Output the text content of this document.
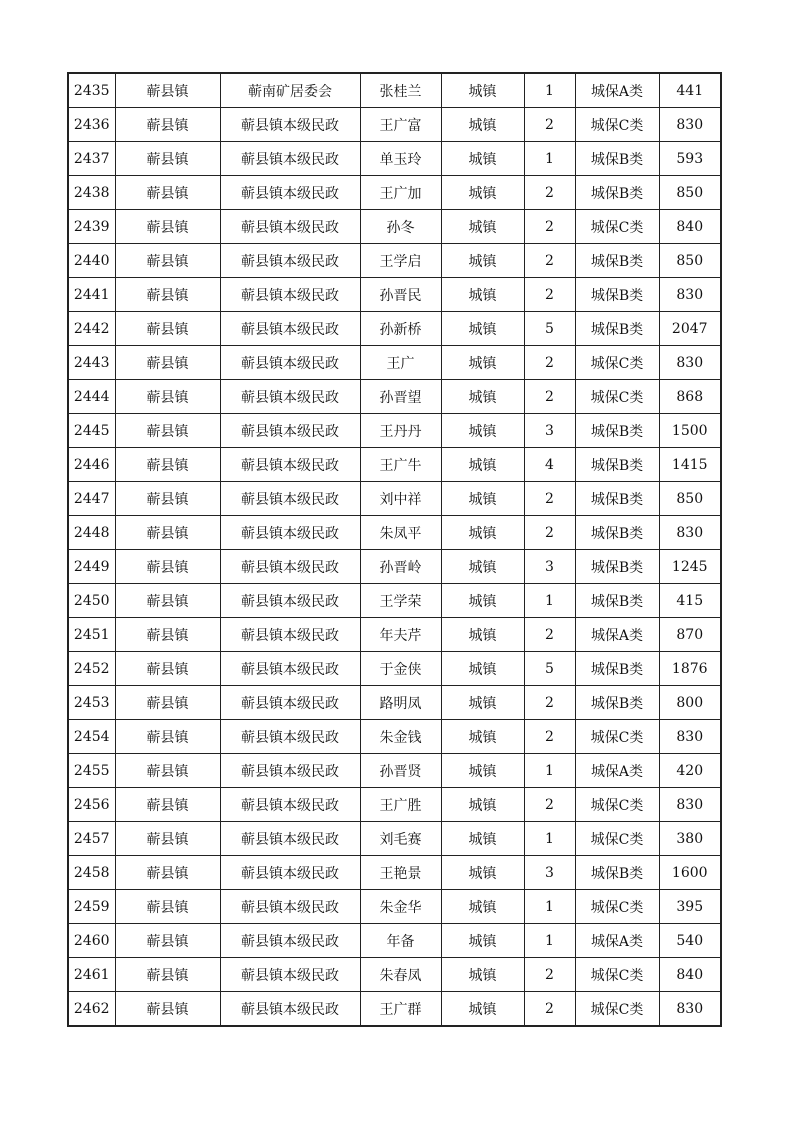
2435	蕲县镇	蕲南矿居委会	张桂兰	城镇	1	城保A类	441
2436	蕲县镇	蕲县镇本级民政	王广富	城镇	2	城保C类	830
2437	蕲县镇	蕲县镇本级民政	单玉玲	城镇	1	城保B类	593
2438	蕲县镇	蕲县镇本级民政	王广加	城镇	2	城保B类	850
2439	蕲县镇	蕲县镇本级民政	孙冬	城镇	2	城保C类	840
2440	蕲县镇	蕲县镇本级民政	王学启	城镇	2	城保B类	850
2441	蕲县镇	蕲县镇本级民政	孙晋民	城镇	2	城保B类	830
2442	蕲县镇	蕲县镇本级民政	孙新桥	城镇	5	城保B类	2047
2443	蕲县镇	蕲县镇本级民政	王广	城镇	2	城保C类	830
2444	蕲县镇	蕲县镇本级民政	孙晋望	城镇	2	城保C类	868
2445	蕲县镇	蕲县镇本级民政	王丹丹	城镇	3	城保B类	1500
2446	蕲县镇	蕲县镇本级民政	王广牛	城镇	4	城保B类	1415
2447	蕲县镇	蕲县镇本级民政	刘中祥	城镇	2	城保B类	850
2448	蕲县镇	蕲县镇本级民政	朱凤平	城镇	2	城保B类	830
2449	蕲县镇	蕲县镇本级民政	孙晋岭	城镇	3	城保B类	1245
2450	蕲县镇	蕲县镇本级民政	王学荣	城镇	1	城保B类	415
2451	蕲县镇	蕲县镇本级民政	年夫芹	城镇	2	城保A类	870
2452	蕲县镇	蕲县镇本级民政	于金侠	城镇	5	城保B类	1876
2453	蕲县镇	蕲县镇本级民政	路明凤	城镇	2	城保B类	800
2454	蕲县镇	蕲县镇本级民政	朱金钱	城镇	2	城保C类	830
2455	蕲县镇	蕲县镇本级民政	孙晋贤	城镇	1	城保A类	420
2456	蕲县镇	蕲县镇本级民政	王广胜	城镇	2	城保C类	830
2457	蕲县镇	蕲县镇本级民政	刘毛赛	城镇	1	城保C类	380
2458	蕲县镇	蕲县镇本级民政	王艳景	城镇	3	城保B类	1600
2459	蕲县镇	蕲县镇本级民政	朱金华	城镇	1	城保C类	395
2460	蕲县镇	蕲县镇本级民政	年备	城镇	1	城保A类	540
2461	蕲县镇	蕲县镇本级民政	朱春凤	城镇	2	城保C类	840
2462	蕲县镇	蕲县镇本级民政	王广群	城镇	2	城保C类	830
